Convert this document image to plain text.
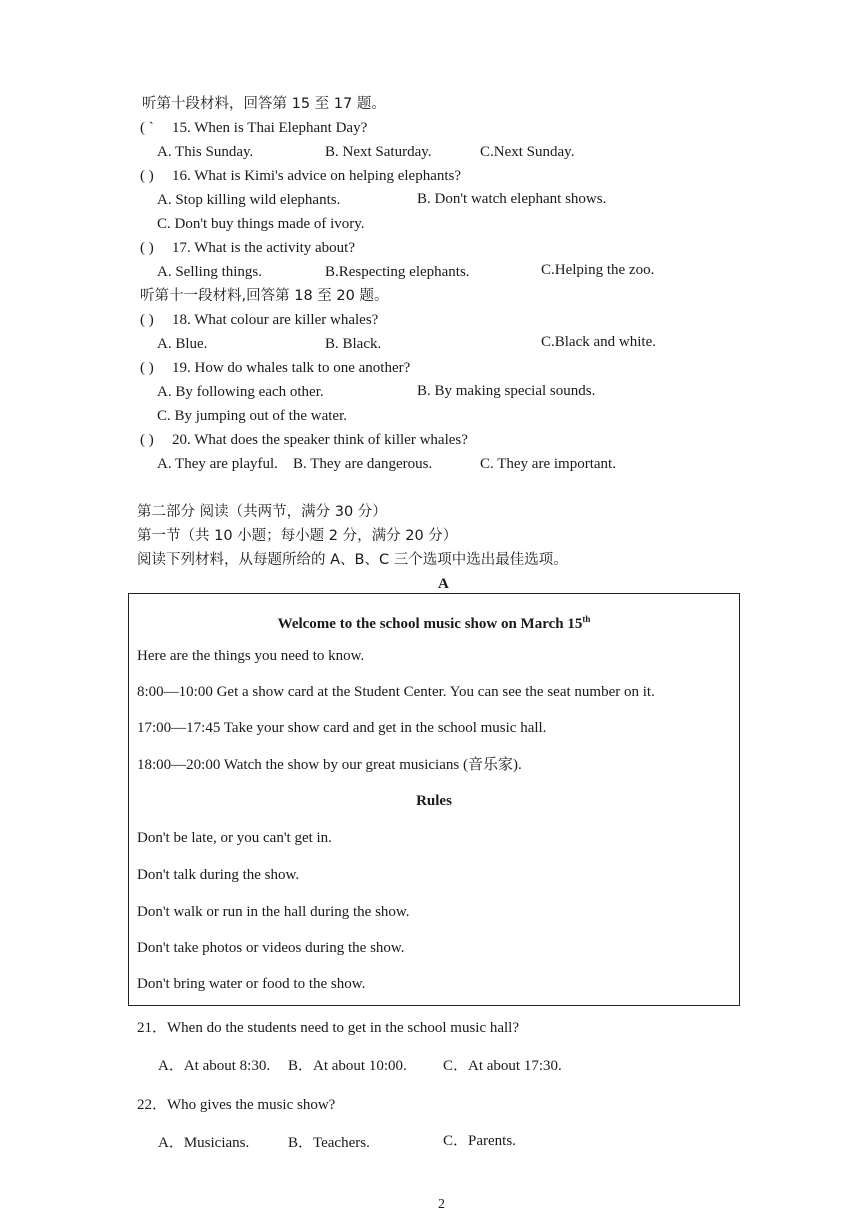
听第十段材料，回答第 15 至 17 题。
( ` 15. When is Thai Elephant Day?
A. This Sunday.	B. Next Saturday.	C.Next Sunday.
( ) 16. What is Kimi's advice on helping elephants?
A. Stop killing wild elephants.	B. Don't watch elephant shows.
C. Don't buy things made of ivory.
( ) 17. What is the activity about?
A. Selling things.	B.Respecting elephants.	C.Helping the zoo.
听第十一段材料,回答第 18 至 20 题。
( ) 18. What colour are killer whales?
A. Blue.	B. Black.	C.Black and white.
( ) 19. How do whales talk to one another?
A. By following each other.	B. By making special sounds.
C. By jumping out of the water.
( ) 20. What does the speaker think of killer whales?
A. They are playful. B. They are dangerous.	C. They are important.
第二部分 阅读（共两节，满分 30 分）
第一节（共 10 小题；每小题 2 分，满分 20 分）
阅读下列材料，从每题所给的 A、B、C 三个选项中选出最佳选项。
A
Welcome to the school music show on March 15th
Here are the things you need to know.
8:00—10:00 Get a show card at the Student Center. You can see the seat number on it.
17:00—17:45 Take your show card and get in the school music hall.
18:00—20:00 Watch the show by our great musicians (音乐家).
Rules
Don't be late, or you can't get in.
Don't talk during the show.
Don't walk or run in the hall during the show.
Don't take photos or videos during the show.
Don't bring water or food to the show.
21．When do the students need to get in the school music hall?
A．At about 8:30. B．At about 10:00. C．At about 17:30.
22．Who gives the music show?
A．Musicians.	B．Teachers.	C．Parents.
2
